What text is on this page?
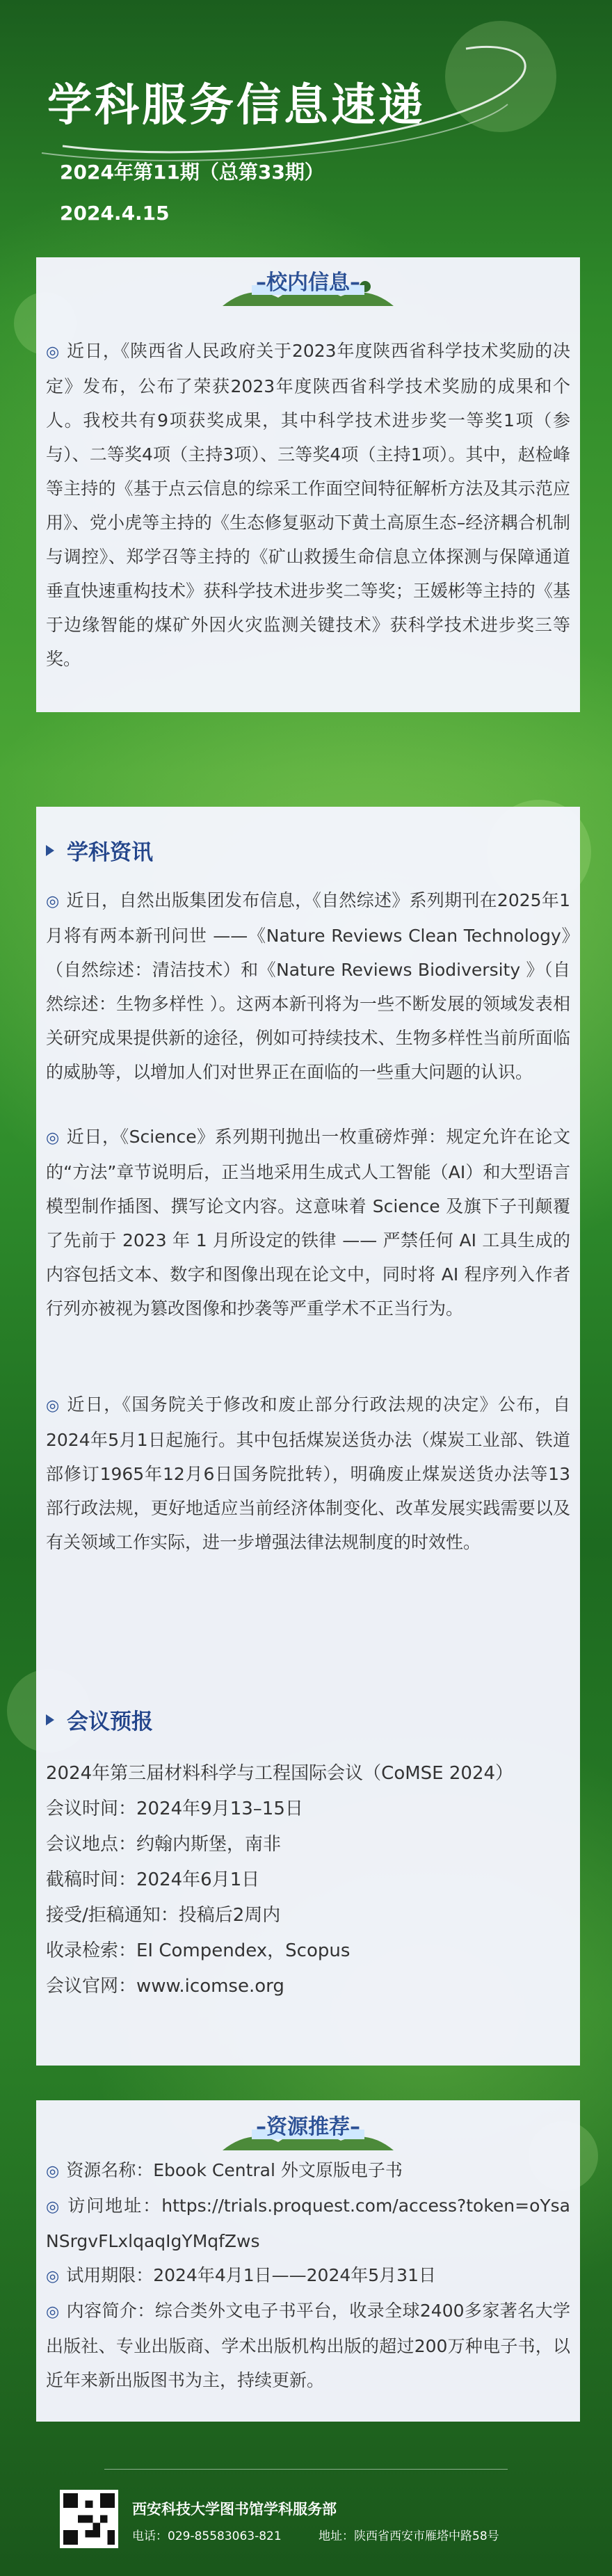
学科服务信息速递
2024年第11期（总第33期）
2024.4.15
–校内信息–
◎ 近日，《陕西省人民政府关于2023年度陕西省科学技术奖励的决定》发布，公布了荣获2023年度陕西省科学技术奖励的成果和个人。我校共有9项获奖成果，其中科学技术进步奖一等奖1项（参与）、二等奖4项（主持3项）、三等奖4项（主持1项）。其中，赵检峰等主持的《基于点云信息的综采工作面空间特征解析方法及其示范应用》、党小虎等主持的《生态修复驱动下黄土高原生态–经济耦合机制与调控》、郑学召等主持的《矿山救援生命信息立体探测与保障通道垂直快速重构技术》获科学技术进步奖二等奖；王媛彬等主持的《基于边缘智能的煤矿外因火灾监测关键技术》获科学技术进步奖三等奖。
学科资讯
◎ 近日，自然出版集团发布信息，《自然综述》系列期刊在2025年1月将有两本新刊问世 ——《Nature Reviews Clean Technology》（自然综述：清洁技术）和《Nature Reviews Biodiversity 》（自然综述：生物多样性 ）。这两本新刊将为一些不断发展的领域发表相关研究成果提供新的途径，例如可持续技术、生物多样性当前所面临的威胁等，以增加人们对世界正在面临的一些重大问题的认识。
◎ 近日，《Science》系列期刊抛出一枚重磅炸弹：规定允许在论文的“方法”章节说明后，正当地采用生成式人工智能（AI）和大型语言模型制作插图、撰写论文内容。这意味着 Science 及旗下子刊颠覆了先前于 2023 年 1 月所设定的铁律 —— 严禁任何 AI 工具生成的内容包括文本、数字和图像出现在论文中，同时将 AI 程序列入作者行列亦被视为篡改图像和抄袭等严重学术不正当行为。
◎ 近日，《国务院关于修改和废止部分行政法规的决定》公布，自2024年5月1日起施行。其中包括煤炭送货办法（煤炭工业部、铁道部修订1965年12月6日国务院批转），明确废止煤炭送货办法等13部行政法规，更好地适应当前经济体制变化、改革发展实践需要以及有关领域工作实际，进一步增强法律法规制度的时效性。
会议预报
2024年第三届材料科学与工程国际会议（CoMSE 2024）
会议时间：2024年9月13–15日
会议地点：约翰内斯堡，南非
截稿时间：2024年6月1日
接受/拒稿通知：投稿后2周内
收录检索：EI Compendex，Scopus
会议官网：www.icomse.org
–资源推荐–
◎ 资源名称：Ebook Central 外文原版电子书
◎ 访问地址：https://trials.proquest.com/access?token=oYsaNSrgvFLxlqaqIgYMqfZws
◎ 试用期限：2024年4月1日——2024年5月31日
◎ 内容简介：综合类外文电子书平台，收录全球2400多家著名大学出版社、专业出版商、学术出版机构出版的超过200万种电子书，以近年来新出版图书为主，持续更新。
西安科技大学图书馆学科服务部
电话：029-85583063-821	地址：陕西省西安市雁塔中路58号
